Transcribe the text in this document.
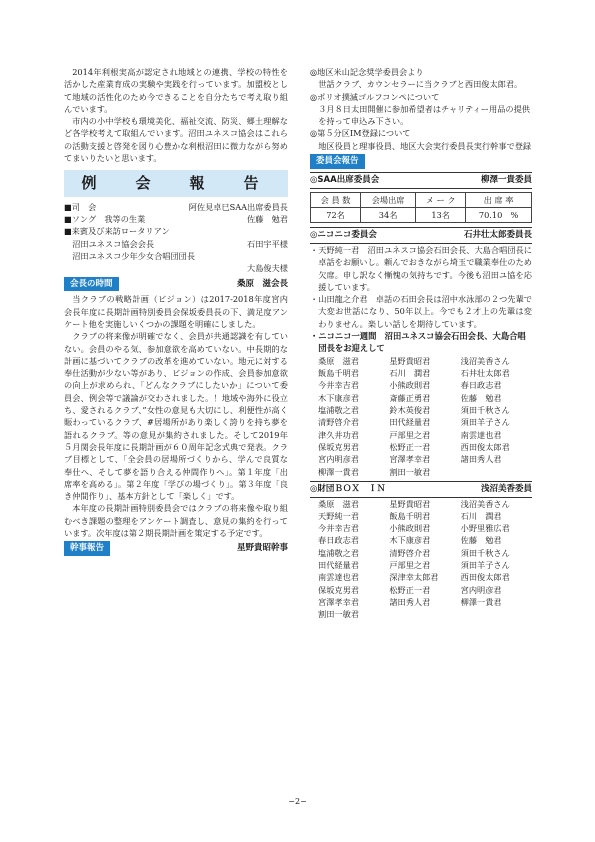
2014年利根実高が認定され地域との連携、学校の特性を活かした産業育成の実験や実践を行っています。加盟校として地域の活性化のため今できることを自分たちで考え取り組んでいます。

市内の小中学校も環境美化、福祉交流、防災、郷土理解など各学校考えて取組んでいます。沼田ユネスコ協会はこれらの活動支援と啓発を図り心豊かな利根沼田に微力ながら努めてまいりたいと思います。

例　会　報　告
■司　会	阿佐見卓巳SAA出席委員長
■ソング　我等の生業	佐藤　勉君
■来賓及び来訪ロータリアン
沼田ユネスコ協会会長	石田宇平様
沼田ユネスコ少年少女合唱団団長
大島俊夫様
会長の時間	桑原　滋会長

当クラブの戦略計画（ビジョン）は2017-2018年度宮内会長年度に長期計画特別委員会保坂委員長の下、満足度アンケート他を実施しいくつかの課題を明確にしました。

クラブの将来像が明確でなく、会員が共通認識を有していない。会員のやる気、参加意欲を高めていない。中長期的な計画に基づいてクラブの改革を進めていない。地元に対する奉仕活動が少ない等があり、ビジョンの作成、会員参加意欲の向上が求められ、「どんなクラブにしたいか」について委員会、例会等で議論が交わされました。！地域や海外に役立ち、愛されるクラブ、”女性の意見も大切にし、利便性が高く賑わっているクラブ、#居場所があり楽しく誇りを持ち夢を語れるクラブ。等の意見が集約されました。そして2019年５月関会長年度に長期計画が６０周年記念式典で発表。クラブ目標として、「全会員の居場所づくりから、学んで良質な奉仕へ、そして夢を語り合える仲間作りへ」。第１年度「出席率を高める」。第２年度「学びの場づくり」。第３年度「良き仲間作り」、基本方針として「楽しく」です。

本年度の長期計画特別委員会ではクラブの将来像や取り組むべき課題の整理をアンケート調査し、意見の集約を行っています。次年度は第２期長期計画を策定する予定です。

幹事報告	星野貴昭幹事
◎地区米山記念奨学委員会より
世話クラブ、カウンセラーに当クラブと西田俊太郎君。
◎ポリオ撲滅ゴルフコンペについて
３月８日太田開催に参加希望者はチャリティー用品の提供を持って申込み下さい。
◎第５分区IM登録について
地区役員と理事役員、地区大会実行委員長実行幹事で登録
委員会報告
◎SAA出席委員会	柳澤一貴委員
会 員 数	会場出席	メ ー ク	出 席 率
72名	34名	13名	70.10　%
◎ニコニコ委員会	石井壮太郎委員長
・天野純一君　沼田ユネスコ協会石田会長、大島合唱団長に卓話をお願いし。頼んでおきながら埼玉で職業奉仕のため欠席。申し訳なく慚愧の気持ちです。今後も沼田ユ協を応援しています。
・山田龍之介君　卓話の石田会長は沼中水泳部の２つ先輩で大変お世話になり、50年以上。今でも２才上の先輩は変わりません。楽しい話しを期待しています。
・ニコニコ一週間　沼田ユネスコ協会石田会長、大島合唱団長をお迎えして
桑原　滋君	星野貴昭君	浅沼美香さん
飯島千明君	石川　潤君	石井壮太郎君
今井幸吉君	小熊政則君	春日政志君
木下康彦君	斎藤正勇君	佐藤　勉君
塩浦敬之君	鈴木英俊君	須田千秋さん
清野啓介君	田代経量君	須田羊子さん
津久井功君	戸部里之君	南雲達也君
保坂克男君	松野正一君	西田俊太郎君
宮内明彦君	宮澤孝幸君	諸田秀人君
柳澤一貴君	割田一敏君
◎財団ＢＯＸ　ＩＮ	浅沼美香委員
桑原　滋君	星野貴昭君	浅沼美香さん
天野純一君	飯島千明君	石川　潤君
今井幸吉君	小熊政則君	小野里雅広君
春日政志君	木下康彦君	佐藤　勉君
塩浦敬之君	清野啓介君	須田千秋さん
田代経量君	戸部里之君	須田羊子さん
南雲達也君	深津幸太郎君	西田俊太郎君
保坂克男君	松野正一君	宮内明彦君
宮澤孝幸君	諸田秀人君	柳澤一貴君
割田一敏君
−2−
